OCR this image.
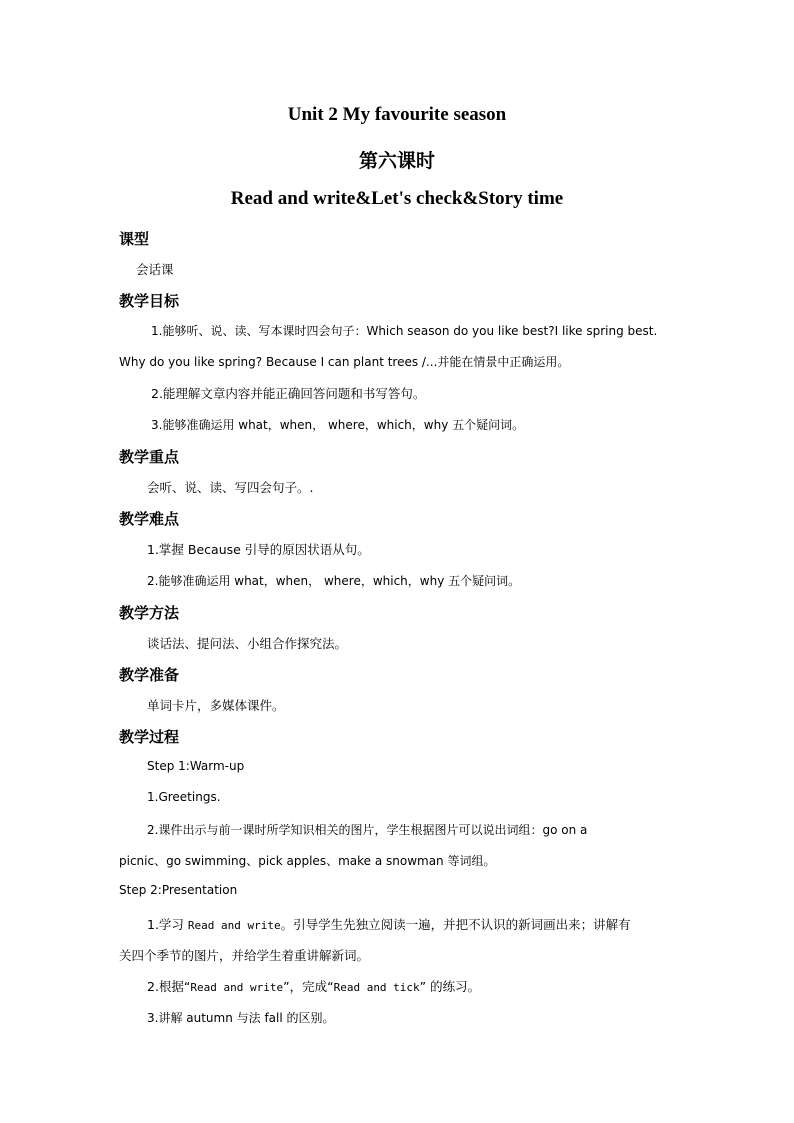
Unit 2 My favourite season
第六课时
Read and write&Let's check&Story time
课型
会话课
教学目标
1.能够听、说、读、写本课时四会句子：Which season do you like best?I like spring best.
Why do you like spring? Because I can plant trees /...并能在情景中正确运用。
2.能理解文章内容并能正确回答问题和书写答句。
3.能够准确运用 what，when， where，which，why 五个疑问词。
教学重点
会听、说、读、写四会句子。.
教学难点
1.掌握 Because 引导的原因状语从句。
2.能够准确运用 what，when， where，which，why 五个疑问词。
教学方法
谈话法、提问法、小组合作探究法。
教学准备
单词卡片，多媒体课件。
教学过程
Step 1:Warm-up
1.Greetings.
2.课件出示与前一课时所学知识相关的图片，学生根据图片可以说出词组：go on a
picnic、go swimming、pick apples、make a snowman 等词组。
Step 2:Presentation
1.学习 Read and write。引导学生先独立阅读一遍，并把不认识的新词画出来；讲解有
关四个季节的图片，并给学生着重讲解新词。
2.根据“Read and write”，完成“Read and tick” 的练习。
3.讲解 autumn 与法 fall 的区别。
